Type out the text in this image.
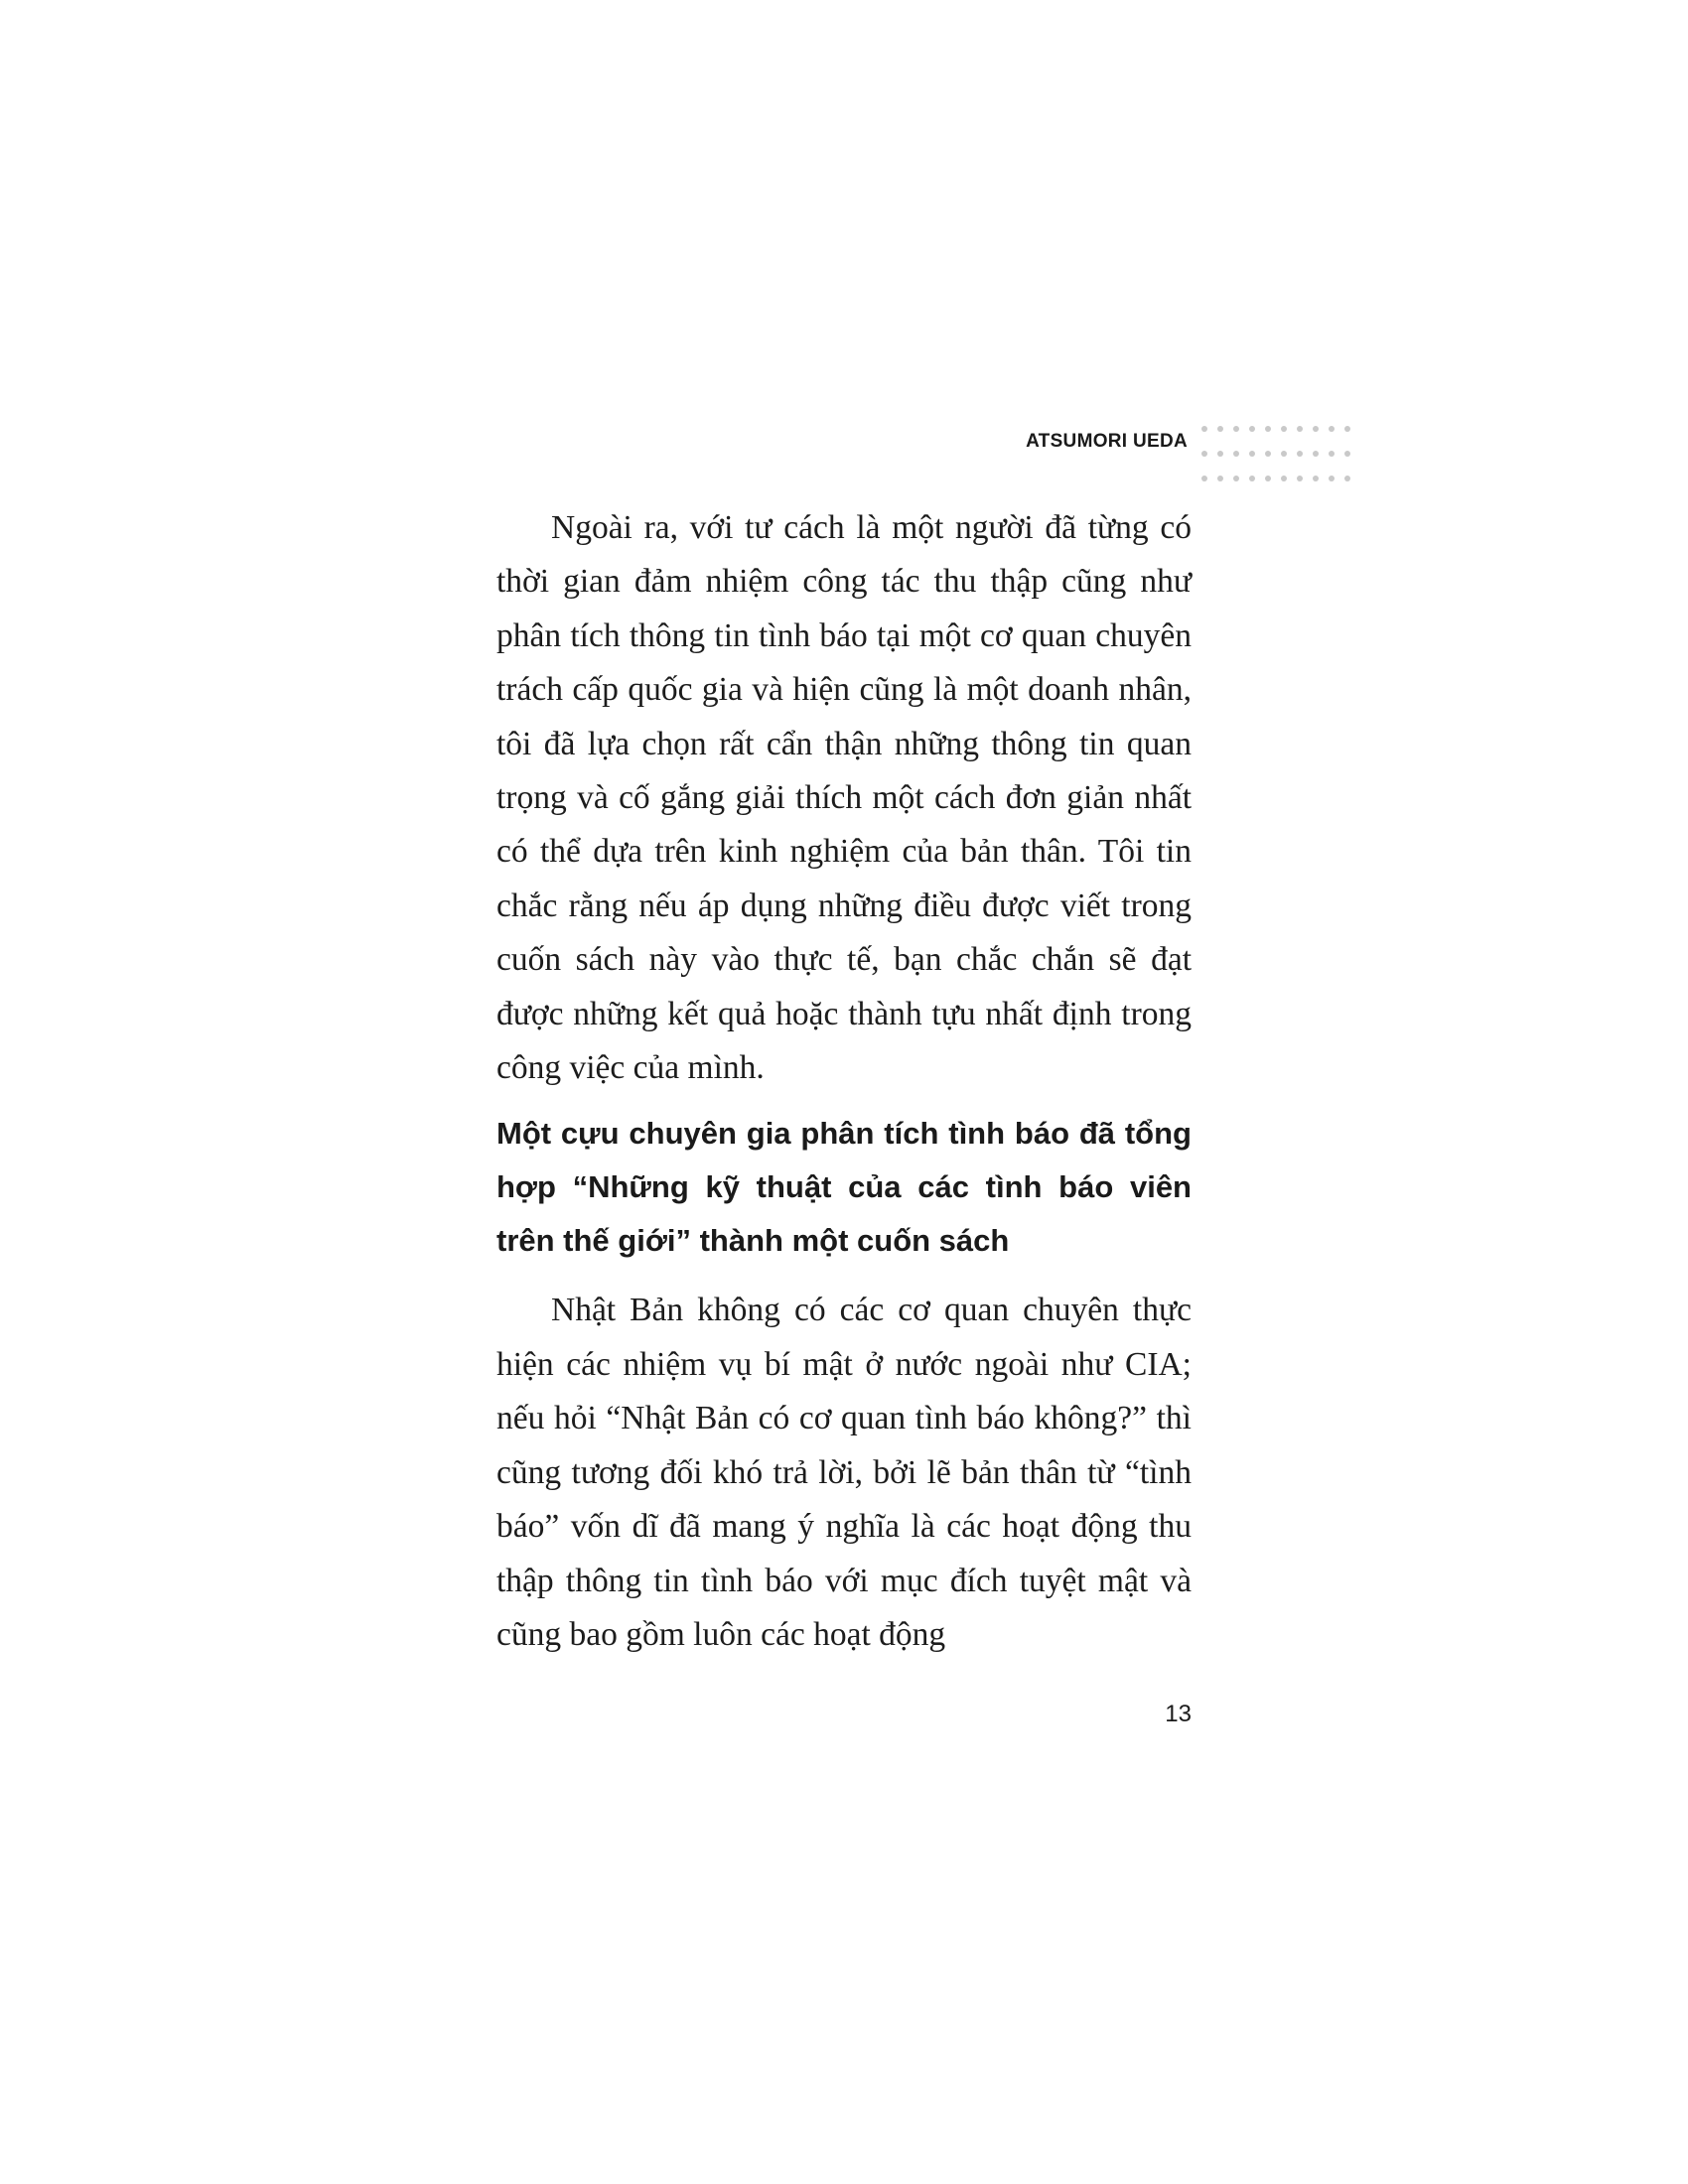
ATSUMORI UEDA

Ngoài ra, với tư cách là một người đã từng có thời gian đảm nhiệm công tác thu thập cũng như phân tích thông tin tình báo tại một cơ quan chuyên trách cấp quốc gia và hiện cũng là một doanh nhân, tôi đã lựa chọn rất cẩn thận những thông tin quan trọng và cố gắng giải thích một cách đơn giản nhất có thể dựa trên kinh nghiệm của bản thân. Tôi tin chắc rằng nếu áp dụng những điều được viết trong cuốn sách này vào thực tế, bạn chắc chắn sẽ đạt được những kết quả hoặc thành tựu nhất định trong công việc của mình.

Một cựu chuyên gia phân tích tình báo đã tổng hợp “Những kỹ thuật của các tình báo viên trên thế giới” thành một cuốn sách

Nhật Bản không có các cơ quan chuyên thực hiện các nhiệm vụ bí mật ở nước ngoài như CIA; nếu hỏi “Nhật Bản có cơ quan tình báo không?” thì cũng tương đối khó trả lời, bởi lẽ bản thân từ “tình báo” vốn dĩ đã mang ý nghĩa là các hoạt động thu thập thông tin tình báo với mục đích tuyệt mật và cũng bao gồm luôn các hoạt động

13
